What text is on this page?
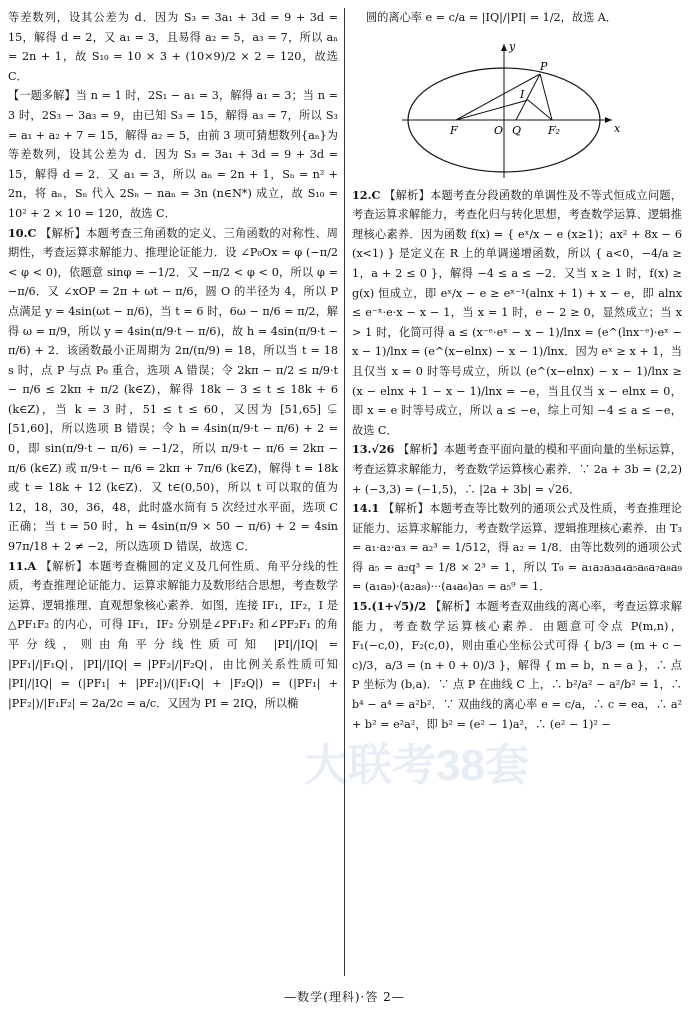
等差数列，设其公差为 d．因为 S₃ = 3a₁ + 3d = 9 + 3d = 15，解得 d = 2，又 a₁ = 3，且易得 a₂ = 5，a₃ = 7，所以 aₙ = 2n + 1，故 S₁₀ = 10 × 3 + (10×9)/2 × 2 = 120，故选 C．

【一题多解】当 n = 1 时，2S₁ − a₁ = 3，解得 a₁ = 3；当 n = 3 时，2S₃ − 3a₃ = 9，由已知 S₃ = 15，解得 a₃ = 7，所以 S₃ = a₁ + a₂ + 7 = 15，解得 a₂ = 5，由前 3 项可猜想数列{aₙ}为等差数列，设其公差为 d．因为 S₃ = 3a₁ + 3d = 9 + 3d = 15，解得 d = 2．又 a₁ = 3，所以 aₙ = 2n + 1，Sₙ = n² + 2n，将 aₙ，Sₙ 代入 2Sₙ − naₙ = 3n (n∈N*) 成立，故 S₁₀ = 10² + 2 × 10 = 120，故选 C．

10.C 【解析】本题考查三角函数的定义、三角函数的对称性、周期性，考查运算求解能力、推理论证能力．设 ∠P₀Ox = φ (−π/2 < φ < 0)，依题意 sinφ = −1/2．又 −π/2 < φ < 0，所以 φ = −π/6．又 ∠xOP = 2π + ωt − π/6，圆 O 的半径为 4，所以 P 点满足 y = 4sin(ωt − π/6)，当 t = 6 时，6ω − π/6 = π/2，解得 ω = π/9，所以 y = 4sin(π/9·t − π/6)，故 h = 4sin(π/9·t − π/6) + 2．该函数最小正周期为 2π/(π/9) = 18，所以当 t = 18 s 时，点 P 与点 P₀ 重合，选项 A 错误；令 2kπ − π/2 ≤ π/9·t − π/6 ≤ 2kπ + π/2 (k∈Z)，解得 18k − 3 ≤ t ≤ 18k + 6 (k∈Z)，当 k = 3 时，51 ≤ t ≤ 60，又因为 [51,65] ⊊ [51,60]，所以选项 B 错误；令 h = 4sin(π/9·t − π/6) + 2 = 0，即 sin(π/9·t − π/6) = −1/2，所以 π/9·t − π/6 = 2kπ − π/6 (k∈Z) 或 π/9·t − π/6 = 2kπ + 7π/6 (k∈Z)，解得 t = 18k 或 t = 18k + 12 (k∈Z)．又 t∈(0,50)，所以 t 可以取的值为 12，18，30，36，48，此时盛水筒有 5 次经过水平面，选项 C 正确；当 t = 50 时，h = 4sin(π/9 × 50 − π/6) + 2 = 4sin 97π/18 + 2 ≠ −2，所以选项 D 错误，故选 C．

11.A 【解析】本题考查椭圆的定义及几何性质、角平分线的性质，考查推理论证能力、运算求解能力及数形结合思想，考查数学运算、逻辑推理、直观想象核心素养．如图，连接 IF₁，IF₂，I 是△PF₁F₂ 的内心，可得 IF₁，IF₂ 分别是∠PF₁F₂ 和∠PF₂F₁ 的角平分线，则由角平分线性质可知 |PI|/|IQ| = |PF₁|/|F₁Q|，|PI|/|IQ| = |PF₂|/|F₂Q|，由比例关系性质可知 |PI|/|IQ| = (|PF₁| + |PF₂|)/(|F₁Q| + |F₂Q|) = (|PF₁| + |PF₂|)/|F₁F₂| = 2a/2c = a/c．又因为 PI = 2IQ，所以椭

圆的离心率 e = c/a = |IQ|/|PI| = 1/2，故选 A．

P
I
F	O Q F₂	x
y

12.C 【解析】本题考查分段函数的单调性及不等式恒成立问题，考查运算求解能力，考查化归与转化思想，考查数学运算、逻辑推理核心素养．因为函数 f(x) = { eˣ/x − e (x≥1)；ax² + 8x − 6 (x<1) } 是定义在 R 上的单调递增函数，所以 { a<0，−4/a ≥ 1，a + 2 ≤ 0 }，解得 −4 ≤ a ≤ −2．又当 x ≥ 1 时，f(x) ≥ g(x) 恒成立，即 eˣ/x − e ≥ eˣ⁻¹(alnx + 1) + x − e，即 alnx ≤ e⁻ˣ·e·x − x − 1，当 x = 1 时，e − 2 ≥ 0，显然成立；当 x > 1 时，化简可得 a ≤ (x⁻ᵉ·eˣ − x − 1)/lnx = (e^(lnx⁻ᵉ)·eˣ − x − 1)/lnx = (e^(x−elnx) − x − 1)/lnx．因为 eˣ ≥ x + 1，当且仅当 x = 0 时等号成立，所以 (e^(x−elnx) − x − 1)/lnx ≥ (x − elnx + 1 − x − 1)/lnx = −e，当且仅当 x − elnx = 0，即 x = e 时等号成立，所以 a ≤ −e，综上可知 −4 ≤ a ≤ −e，故选 C．

13.√26 【解析】本题考查平面向量的模和平面向量的坐标运算，考查运算求解能力，考查数学运算核心素养．∵ 2a + 3b = (2,2) + (−3,3) = (−1,5)，∴ |2a + 3b| = √26．

14.1 【解析】本题考查等比数列的通项公式及性质，考查推理论证能力、运算求解能力，考查数学运算、逻辑推理核心素养．由 T₃ = a₁·a₂·a₃ = a₂³ = 1/512，得 a₂ = 1/8．由等比数列的通项公式得 a₅ = a₂q³ = 1/8 × 2³ = 1，所以 T₉ = a₁a₂a₃a₄a₅a₆a₇a₈a₉ = (a₁a₉)·(a₂a₈)···(a₄a₆)a₅ = a₅⁹ = 1．

15.(1+√5)/2 【解析】本题考查双曲线的离心率，考查运算求解能力，考查数学运算核心素养．由题意可令点 P(m,n)，F₁(−c,0)，F₂(c,0)，则由重心坐标公式可得 { b/3 = (m + c − c)/3，a/3 = (n + 0 + 0)/3 }，解得 { m = b，n = a }，∴ 点 P 坐标为 (b,a)．∵ 点 P 在曲线 C 上，∴ b²/a² − a²/b² = 1，∴ b⁴ − a⁴ = a²b²．∵ 双曲线的离心率 e = c/a，∴ c = ea，∴ a² + b² = e²a²，即 b² = (e² − 1)a²，∴ (e² − 1)² −

大联考38套
—数学(理科)·答 2—
